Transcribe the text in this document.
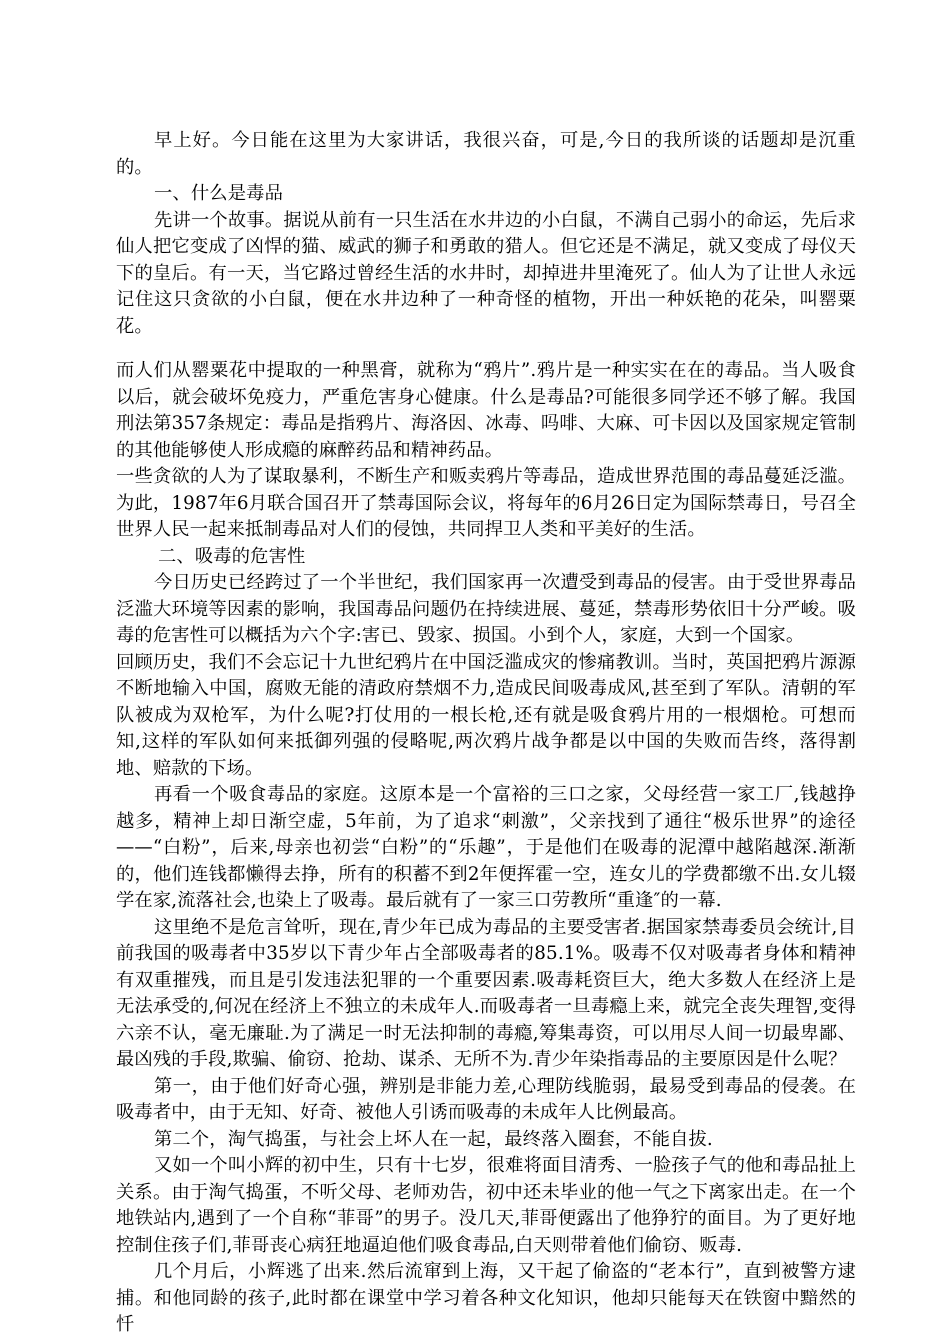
早上好。今日能在这里为大家讲话，我很兴奋，可是,今日的我所谈的话题却是沉重的。

一、什么是毒品

先讲一个故事。据说从前有一只生活在水井边的小白鼠，不满自己弱小的命运，先后求仙人把它变成了凶悍的猫、威武的狮子和勇敢的猎人。但它还是不满足，就又变成了母仪天下的皇后。有一天，当它路过曾经生活的水井时，却掉进井里淹死了。仙人为了让世人永远记住这只贪欲的小白鼠，便在水井边种了一种奇怪的植物，开出一种妖艳的花朵，叫罂粟花。

而人们从罂粟花中提取的一种黑膏，就称为“鸦片”.鸦片是一种实实在在的毒品。当人吸食以后，就会破坏免疫力，严重危害身心健康。什么是毒品?可能很多同学还不够了解。我国刑法第357条规定：毒品是指鸦片、海洛因、冰毒、吗啡、大麻、可卡因以及国家规定管制的其他能够使人形成瘾的麻醉药品和精神药品。

一些贪欲的人为了谋取暴利，不断生产和贩卖鸦片等毒品，造成世界范围的毒品蔓延泛滥。为此，1987年6月联合国召开了禁毒国际会议，将每年的6月26日定为国际禁毒日，号召全世界人民一起来抵制毒品对人们的侵蚀，共同捍卫人类和平美好的生活。

二、吸毒的危害性

今日历史已经跨过了一个半世纪，我们国家再一次遭受到毒品的侵害。由于受世界毒品泛滥大环境等因素的影响，我国毒品问题仍在持续进展、蔓延，禁毒形势依旧十分严峻。吸毒的危害性可以概括为六个字:害已、毁家、损国。小到个人，家庭，大到一个国家。

回顾历史，我们不会忘记十九世纪鸦片在中国泛滥成灾的惨痛教训。当时，英国把鸦片源源不断地输入中国，腐败无能的清政府禁烟不力,造成民间吸毒成风,甚至到了军队。清朝的军队被成为双枪军，为什么呢?打仗用的一根长枪,还有就是吸食鸦片用的一根烟枪。可想而知,这样的军队如何来抵御列强的侵略呢,两次鸦片战争都是以中国的失败而告终，落得割地、赔款的下场。

再看一个吸食毒品的家庭。这原本是一个富裕的三口之家，父母经营一家工厂,钱越挣越多，精神上却日渐空虚，5年前，为了追求“刺激”，父亲找到了通往“极乐世界”的途径——“白粉”，后来,母亲也初尝“白粉”的“乐趣”，于是他们在吸毒的泥潭中越陷越深.渐渐的，他们连钱都懒得去挣，所有的积蓄不到2年便挥霍一空，连女儿的学费都缴不出.女儿辍学在家,流落社会,也染上了吸毒。最后就有了一家三口劳教所“重逢″的一幕.

这里绝不是危言耸听，现在,青少年已成为毒品的主要受害者.据国家禁毒委员会统计,目前我国的吸毒者中35岁以下青少年占全部吸毒者的85.1%。吸毒不仅对吸毒者身体和精神有双重摧残，而且是引发违法犯罪的一个重要因素.吸毒耗资巨大，绝大多数人在经济上是无法承受的,何况在经济上不独立的未成年人.而吸毒者一旦毒瘾上来，就完全丧失理智,变得六亲不认，毫无廉耻.为了满足一时无法抑制的毒瘾,筹集毒资，可以用尽人间一切最卑鄙、最凶残的手段,欺骗、偷窃、抢劫、谋杀、无所不为.青少年染指毒品的主要原因是什么呢？

第一，由于他们好奇心强，辨别是非能力差,心理防线脆弱，最易受到毒品的侵袭。在吸毒者中，由于无知、好奇、被他人引诱而吸毒的未成年人比例最高。

第二个，淘气捣蛋，与社会上坏人在一起，最终落入圈套，不能自拔.

又如一个叫小辉的初中生，只有十七岁，很难将面目清秀、一脸孩子气的他和毒品扯上关系。由于淘气捣蛋，不听父母、老师劝告，初中还未毕业的他一气之下离家出走。在一个地铁站内,遇到了一个自称“菲哥”的男子。没几天,菲哥便露出了他狰狞的面目。为了更好地控制住孩子们,菲哥丧心病狂地逼迫他们吸食毒品,白天则带着他们偷窃、贩毒.

几个月后，小辉逃了出来.然后流窜到上海，又干起了偷盗的“老本行”，直到被警方逮捕。和他同龄的孩子,此时都在课堂中学习着各种文化知识，他却只能每天在铁窗中黯然的忏
